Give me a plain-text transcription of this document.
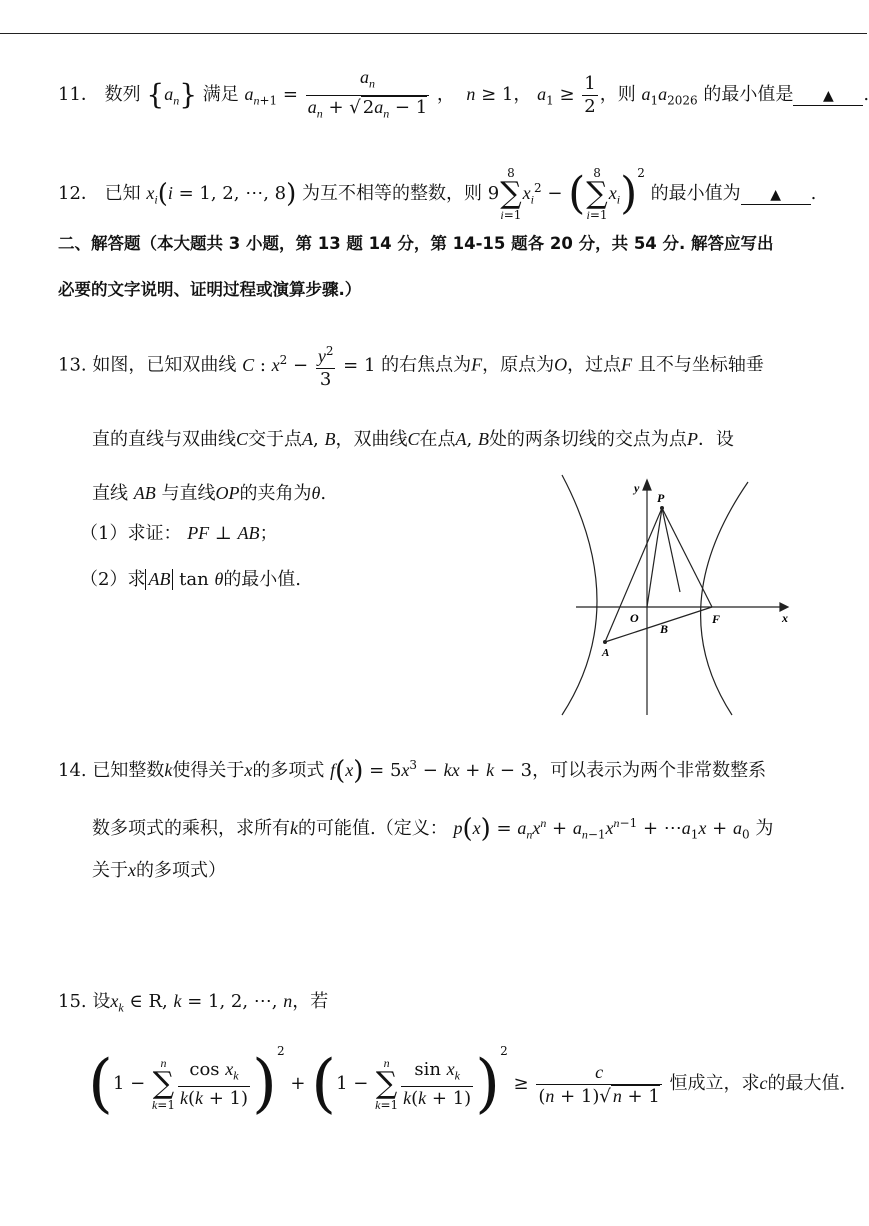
11． 数列 $\{a_n\}$ 满足 $a_{n+1} = \frac{a_n}{a_n + √ 2a_n - 1}$ ， n ≥ 1， $a_1 \ge \frac{1}{2}$ ，则 $a_1a_{2026}$ 的最小值是 ▲ .
12． 已知 $x_i(i = 1$, 2, ⋯, 8) 为互不相等的整数，则 98
∑
$i=1x_i^2$ − ( 8
∑
$i=1x_i)^2$ 的最小值为 ▲ .
二、解答题（本大题共 3 小题，第 13 题 14 分，第 14-15 题各 20 分，共 54 分. 解答应写出
必要的文字说明、证明过程或演算步骤.）
13. 如图，已知双曲线 C : $x^2 - \frac{y^2}{3} = 1$ 的右焦点为F，原点为O，过点F 且不与坐标轴垂
直的直线与双曲线C交于点A, B，双曲线C在点A, B处的两条切线的交点为点P．设
直线 AB 与直线OP的夹角为θ.
（1）求证： PF ⊥ AB；
（2）求 AB tan θ的最小值.
y
x
P
O
B
F
A
14. 已知整数k使得关于x的多项式 $f(x) = 5x^3$ − kx + k − 3，可以表示为两个非常数整系
数多项式的乘积，求所有k的可能值.（定义： $p(x) = a_nx^n + a_{n-1}x^{n-1}$ + $\cdots a_1x + a_0$ 为
关于x的多项式）
15. 设$x_k$ ∈ R, k = 1, 2, ⋯, n，若
(1 − n
∑
$k=1 \frac{\cos x_k}{k(k + 1)} )^2 + (1 - n$
∑
$k=1 \frac{\sin x_k}{k(k + 1)} )^2 \ge \frac{c}{(n + 1)√ n + 1}$ 恒成立，求c的最大值.
